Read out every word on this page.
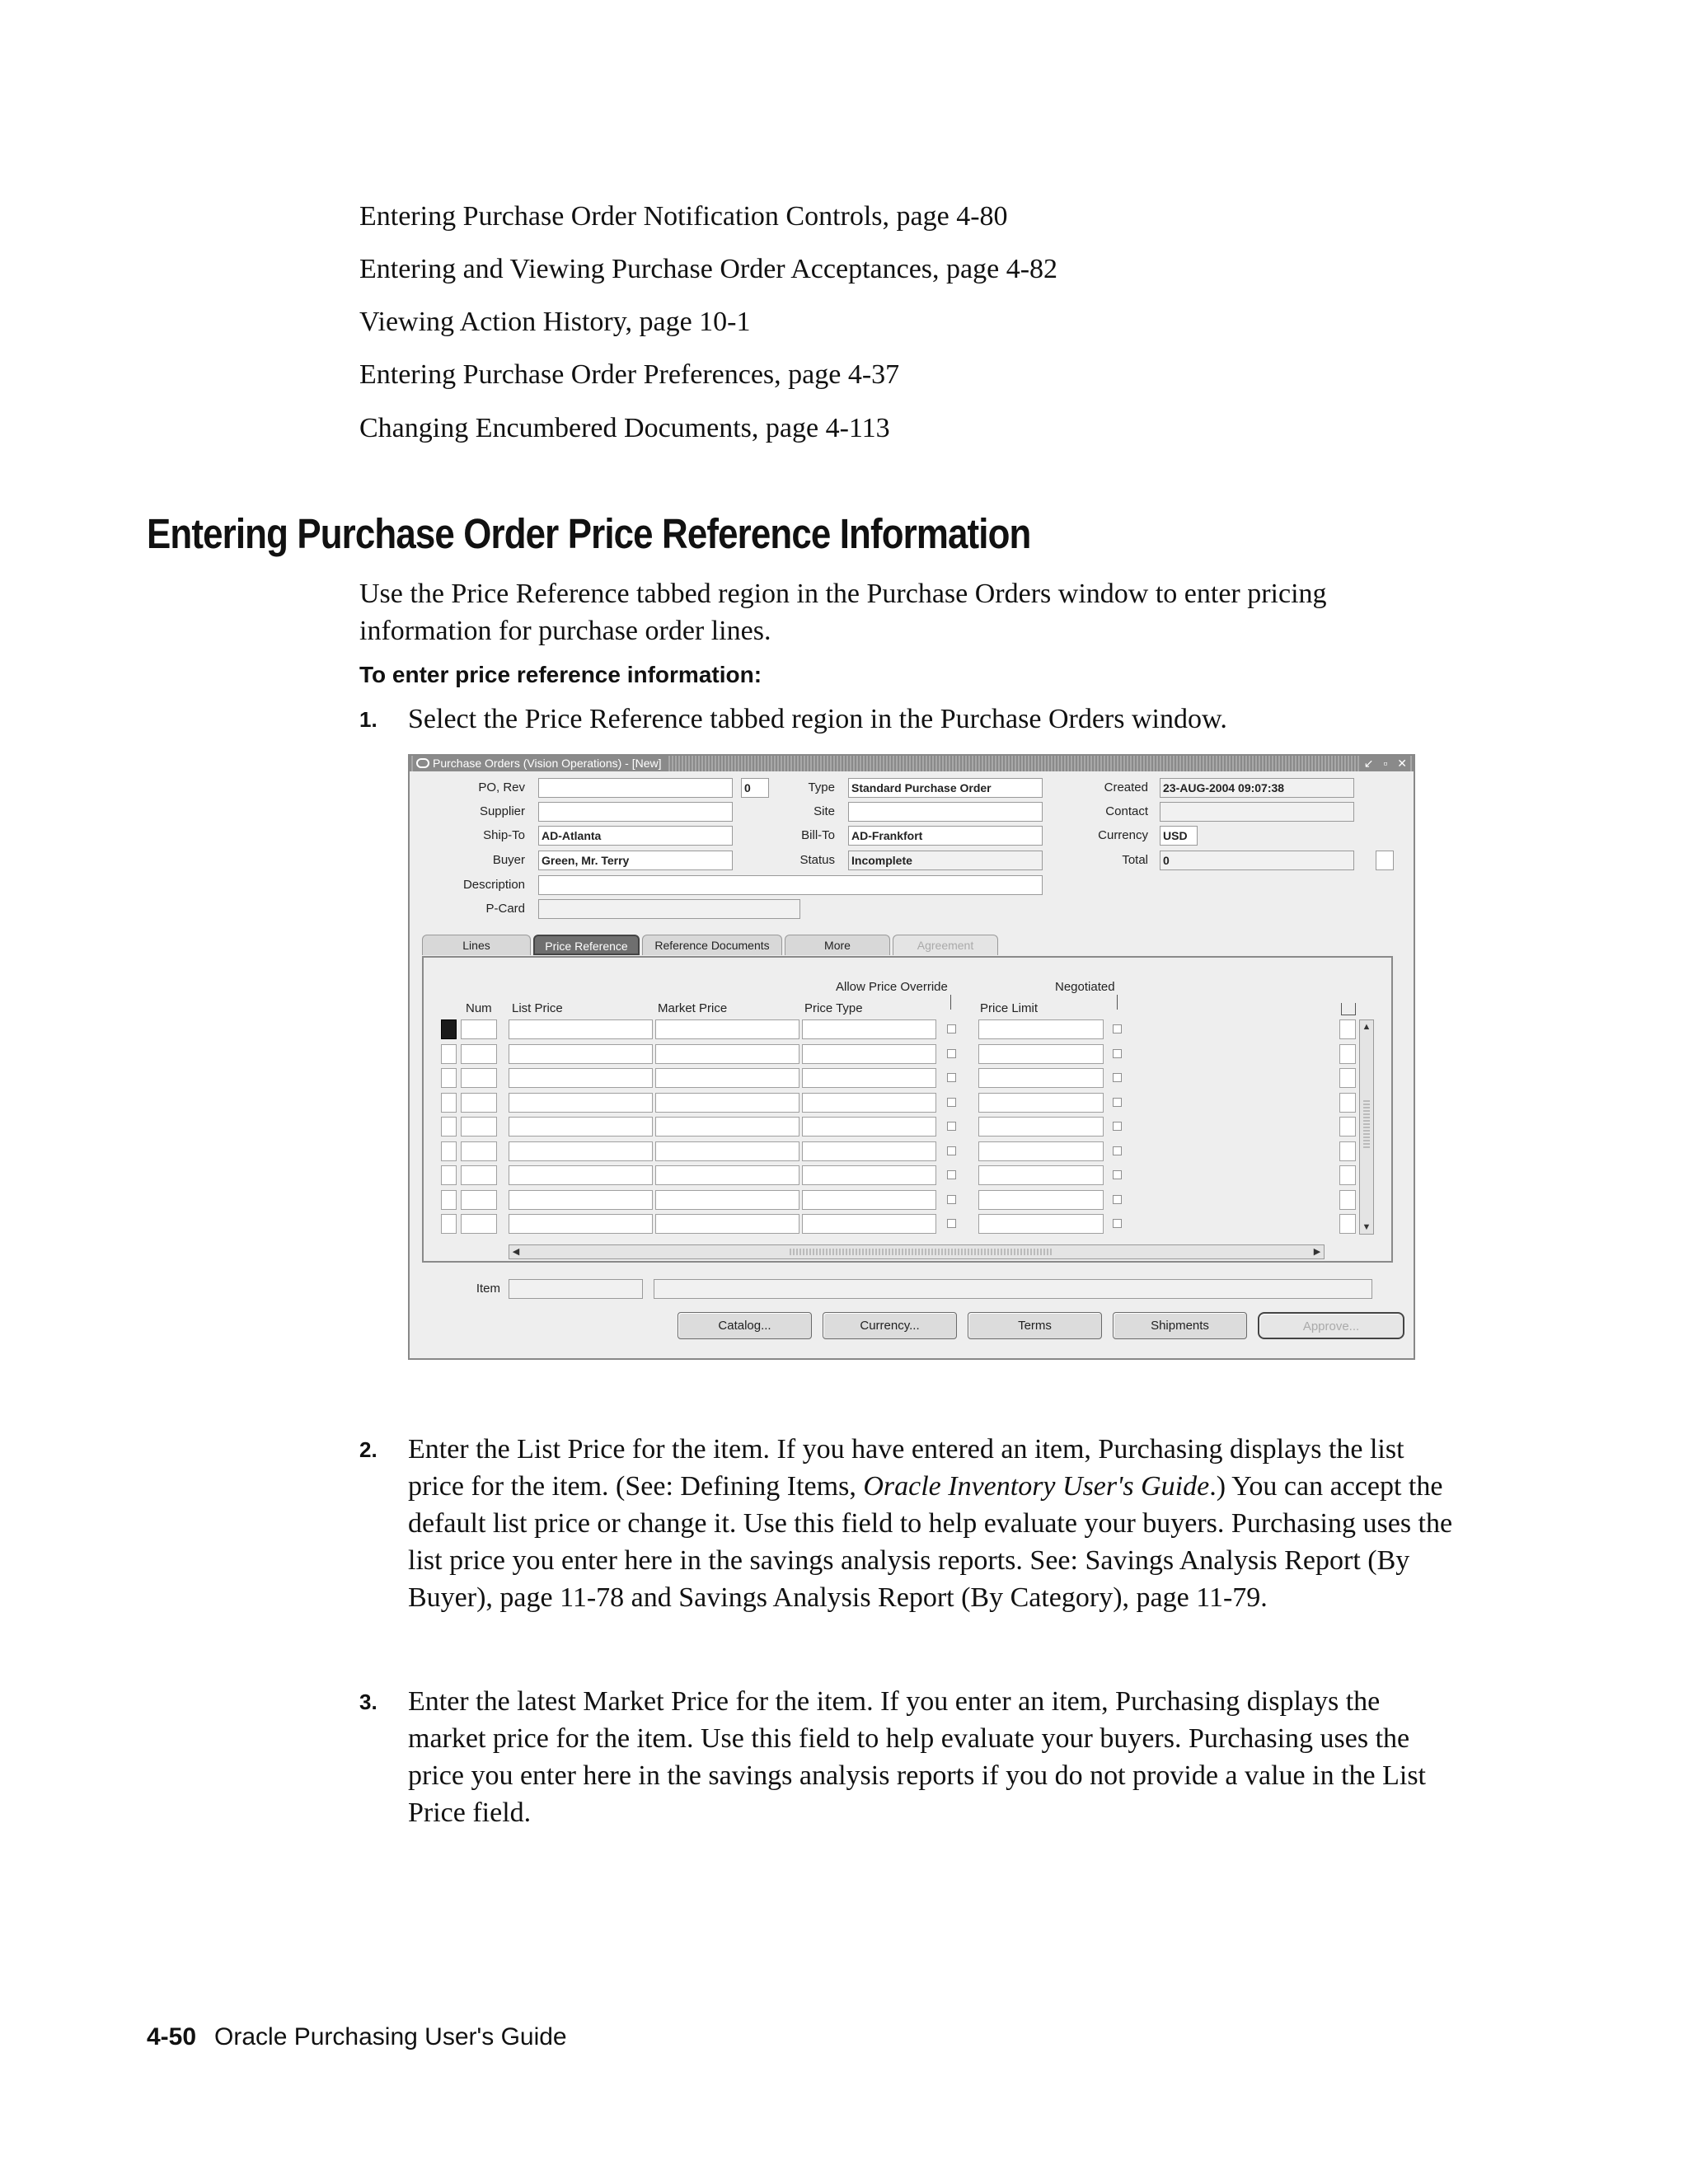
Entering Purchase Order Notification Controls, page 4-80
Entering and Viewing Purchase Order Acceptances, page 4-82
Viewing Action History, page 10-1
Entering Purchase Order Preferences, page 4-37
Changing Encumbered Documents, page 4-113
Entering Purchase Order Price Reference Information
Use the Price Reference tabbed region in the Purchase Orders window to enter pricing information for purchase order lines.
To enter price reference information:
1. Select the Price Reference tabbed region in the Purchase Orders window.
Purchase Orders (Vision Operations) - [New]	↙ ▫ ✕
PO, Rev	0
Supplier
Ship-To AD-Atlanta
Buyer Green, Mr. Terry
Description
P-Card
Type Standard Purchase Order
Site
Bill-To AD-Frankfort
Status Incomplete
Created 23-AUG-2004 09:07:38
Contact
Currency USD
Total 0
Lines	Price Reference	Reference Documents	More	Agreement
Allow Price Override	Negotiated
Num List Price	Market Price	Price Type	Price Limit
▲
▼
◀	▶
Item
Catalog...	Currency...	Terms	Shipments	Approve...
2. Enter the List Price for the item. If you have entered an item, Purchasing displays the list price for the item. (See: Defining Items, Oracle Inventory User's Guide.) You can accept the default list price or change it. Use this field to help evaluate your buyers. Purchasing uses the list price you enter here in the savings analysis reports. See: Savings Analysis Report (By Buyer), page 11-78 and Savings Analysis Report (By Category), page 11-79.
3. Enter the latest Market Price for the item. If you enter an item, Purchasing displays the market price for the item. Use this field to help evaluate your buyers. Purchasing uses the price you enter here in the savings analysis reports if you do not provide a value in the List Price field.
4-50 Oracle Purchasing User's Guide
